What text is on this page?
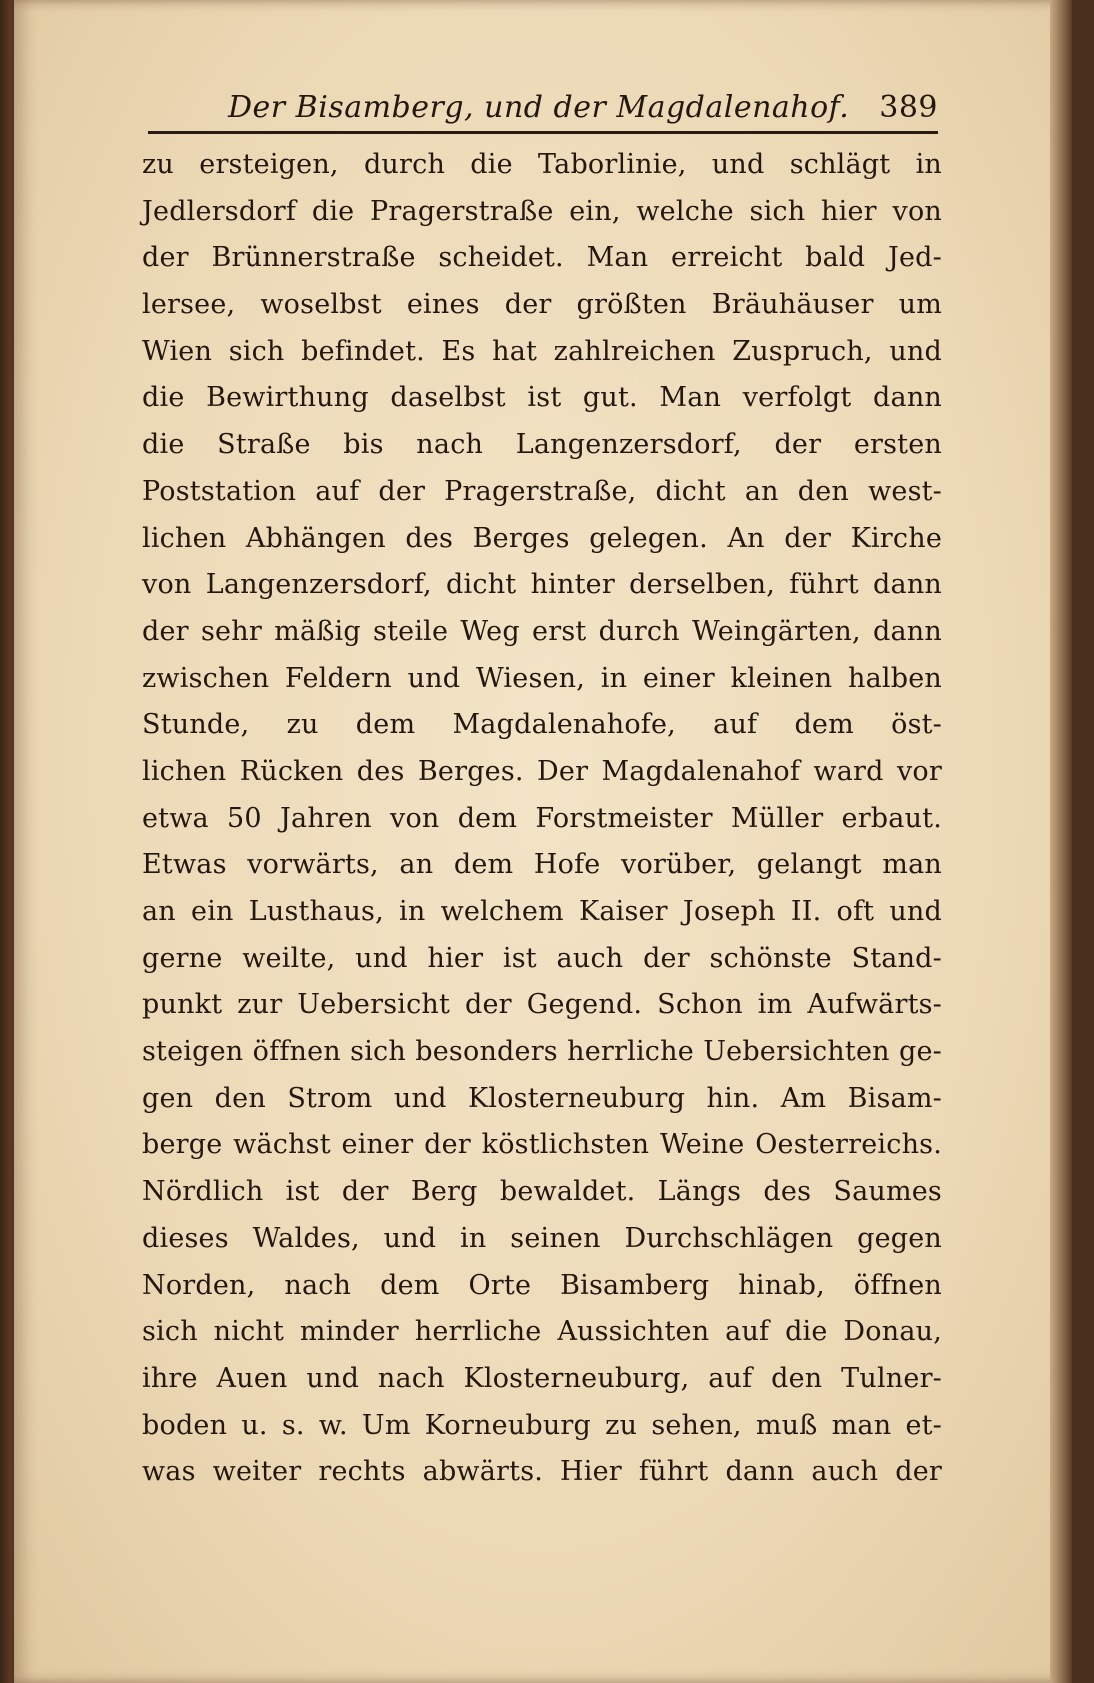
Der Bisamberg, und der Magdalenahof. 389
zu ersteigen, durch die Taborlinie, und schlägt in
Jedlersdorf die Pragerstraße ein, welche sich hier von
der Brünnerstraße scheidet. Man erreicht bald Jed-
lersee, woselbst eines der größten Bräuhäuser um
Wien sich befindet. Es hat zahlreichen Zuspruch, und
die Bewirthung daselbst ist gut. Man verfolgt dann
die Straße bis nach Langenzersdorf, der ersten
Poststation auf der Pragerstraße, dicht an den west-
lichen Abhängen des Berges gelegen. An der Kirche
von Langenzersdorf, dicht hinter derselben, führt dann
der sehr mäßig steile Weg erst durch Weingärten, dann
zwischen Feldern und Wiesen, in einer kleinen halben
Stunde, zu dem Magdalenahofe, auf dem öst-
lichen Rücken des Berges. Der Magdalenahof ward vor
etwa 50 Jahren von dem Forstmeister Müller erbaut.
Etwas vorwärts, an dem Hofe vorüber, gelangt man
an ein Lusthaus, in welchem Kaiser Joseph II. oft und
gerne weilte, und hier ist auch der schönste Stand-
punkt zur Uebersicht der Gegend. Schon im Aufwärts-
steigen öffnen sich besonders herrliche Uebersichten ge-
gen den Strom und Klosterneuburg hin. Am Bisam-
berge wächst einer der köstlichsten Weine Oesterreichs.
Nördlich ist der Berg bewaldet. Längs des Saumes
dieses Waldes, und in seinen Durchschlägen gegen
Norden, nach dem Orte Bisamberg hinab, öffnen
sich nicht minder herrliche Aussichten auf die Donau,
ihre Auen und nach Klosterneuburg, auf den Tulner-
boden u. s. w. Um Korneuburg zu sehen, muß man et-
was weiter rechts abwärts. Hier führt dann auch der
